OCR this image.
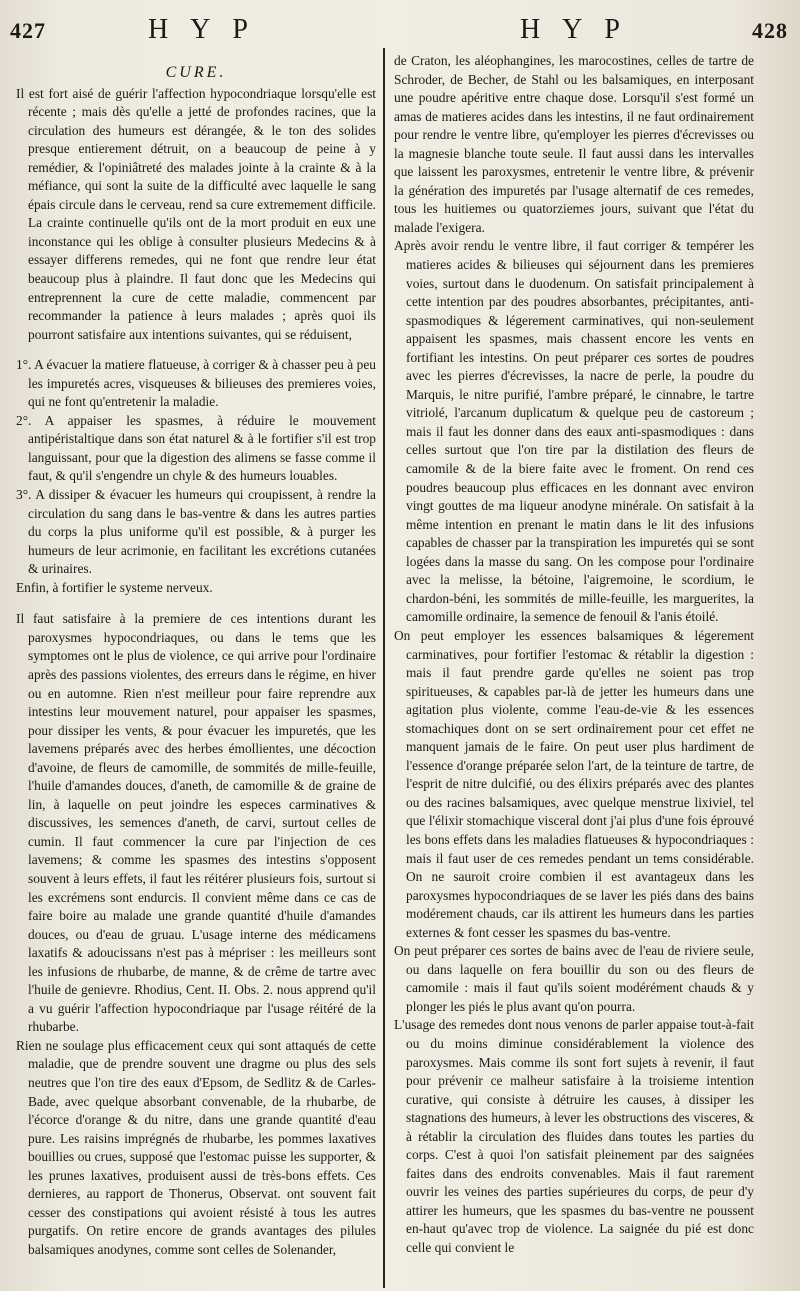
427	H Y P	H Y P	428
CURE.

Il est fort aisé de guérir l'affection hypocondriaque lorsqu'elle est récente ; mais dès qu'elle a jetté de profondes racines, que la circulation des humeurs est dérangée, & le ton des solides presque entierement détruit, on a beaucoup de peine à y remédier, & l'opiniâtreté des malades jointe à la crainte & à la méfiance, qui sont la suite de la difficulté avec laquelle le sang épais circule dans le cerveau, rend sa cure extremement difficile. La crainte continuelle qu'ils ont de la mort produit en eux une inconstance qui les oblige à consulter plusieurs Medecins & à essayer differens remedes, qui ne font que rendre leur état beaucoup plus à plaindre. Il faut donc que les Medecins qui entreprennent la cure de cette maladie, commencent par recommander la patience à leurs malades ; après quoi ils pourront satisfaire aux intentions suivantes, qui se réduisent,

1°. A évacuer la matiere flatueuse, à corriger & à chasser peu à peu les impuretés acres, visqueuses & bilieuses des premieres voies, qui ne font qu'entretenir la maladie.

2°. A appaiser les spasmes, à réduire le mouvement antipéristaltique dans son état naturel & à le fortifier s'il est trop languissant, pour que la digestion des alimens se fasse comme il faut, & qu'il s'engendre un chyle & des humeurs louables.

3°. A dissiper & évacuer les humeurs qui croupissent, à rendre la circulation du sang dans le bas-ventre & dans les autres parties du corps la plus uniforme qu'il est possible, & à purger les humeurs de leur acrimonie, en facilitant les excrétions cutanées & urinaires.

Enfin, à fortifier le systeme nerveux.

Il faut satisfaire à la premiere de ces intentions durant les paroxysmes hypocondriaques, ou dans le tems que les symptomes ont le plus de violence, ce qui arrive pour l'ordinaire après des passions violentes, des erreurs dans le régime, en hiver ou en automne. Rien n'est meilleur pour faire reprendre aux intestins leur mouvement naturel, pour appaiser les spasmes, pour dissiper les vents, & pour évacuer les impuretés, que les lavemens préparés avec des herbes émollientes, une décoction d'avoine, de fleurs de camomille, de sommités de mille-feuille, l'huile d'amandes douces, d'aneth, de camomille & de graine de lin, à laquelle on peut joindre les especes carminatives & discussives, les semences d'aneth, de carvi, surtout celles de cumin. Il faut commencer la cure par l'injection de ces lavemens; & comme les spasmes des intestins s'opposent souvent à leurs effets, il faut les réitérer plusieurs fois, surtout si les excrémens sont endurcis. Il convient même dans ce cas de faire boire au malade une grande quantité d'huile d'amandes douces, ou d'eau de gruau. L'usage interne des médicamens laxatifs & adoucissans n'est pas à mépriser : les meilleurs sont les infusions de rhubarbe, de manne, & de crême de tartre avec l'huile de genievre. Rhodius, Cent. II. Obs. 2. nous apprend qu'il a vu guérir l'affection hypocondriaque par l'usage réitéré de la rhubarbe.

Rien ne soulage plus efficacement ceux qui sont attaqués de cette maladie, que de prendre souvent une dragme ou plus des sels neutres que l'on tire des eaux d'Epsom, de Sedlitz & de Carles-Bade, avec quelque absorbant convenable, de la rhubarbe, de l'écorce d'orange & du nitre, dans une grande quantité d'eau pure. Les raisins imprégnés de rhubarbe, les pommes laxatives bouillies ou crues, supposé que l'estomac puisse les supporter, & les prunes laxatives, produisent aussi de très-bons effets. Ces dernieres, au rapport de Thonerus, Observat. ont souvent fait cesser des constipations qui avoient résisté à tous les autres purgatifs. On retire encore de grands avantages des pilules balsamiques anodynes, comme sont celles de Solenander,

de Craton, les aléophangines, les marocostines, celles de tartre de Schroder, de Becher, de Stahl ou les balsamiques, en interposant une poudre apéritive entre chaque dose. Lorsqu'il s'est formé un amas de matieres acides dans les intestins, il ne faut ordinairement pour rendre le ventre libre, qu'employer les pierres d'écrevisses ou la magnesie blanche toute seule. Il faut aussi dans les intervalles que laissent les paroxysmes, entretenir le ventre libre, & prévenir la génération des impuretés par l'usage alternatif de ces remedes, tous les huitiemes ou quatorziemes jours, suivant que l'état du malade l'exigera.

Après avoir rendu le ventre libre, il faut corriger & tempérer les matieres acides & bilieuses qui séjournent dans les premieres voies, surtout dans le duodenum. On satisfait principalement à cette intention par des poudres absorbantes, précipitantes, anti-spasmodiques & légerement carminatives, qui non-seulement appaisent les spasmes, mais chassent encore les vents en fortifiant les intestins. On peut préparer ces sortes de poudres avec les pierres d'écrevisses, la nacre de perle, la poudre du Marquis, le nitre purifié, l'ambre préparé, le cinnabre, le tartre vitriolé, l'arcanum duplicatum & quelque peu de castoreum ; mais il faut les donner dans des eaux anti-spasmodiques : dans celles surtout que l'on tire par la distilation des fleurs de camomile & de la biere faite avec le froment. On rend ces poudres beaucoup plus efficaces en les donnant avec environ vingt gouttes de ma liqueur anodyne minérale. On satisfait à la même intention en prenant le matin dans le lit des infusions capables de chasser par la transpiration les impuretés qui se sont logées dans la masse du sang. On les compose pour l'ordinaire avec la melisse, la bétoine, l'aigremoine, le scordium, le chardon-béni, les sommités de mille-feuille, les marguerites, la camomille ordinaire, la semence de fenouil & l'anis étoilé.

On peut employer les essences balsamiques & légerement carminatives, pour fortifier l'estomac & rétablir la digestion : mais il faut prendre garde qu'elles ne soient pas trop spiritueuses, & capables par-là de jetter les humeurs dans une agitation plus violente, comme l'eau-de-vie & les essences stomachiques dont on se sert ordinairement pour cet effet ne manquent jamais de le faire. On peut user plus hardiment de l'essence d'orange préparée selon l'art, de la teinture de tartre, de l'esprit de nitre dulcifié, ou des élixirs préparés avec des plantes ou des racines balsamiques, avec quelque menstrue lixiviel, tel que l'élixir stomachique visceral dont j'ai plus d'une fois éprouvé les bons effets dans les maladies flatueuses & hypocondriaques : mais il faut user de ces remedes pendant un tems considérable. On ne sauroit croire combien il est avantageux dans les paroxysmes hypocondriaques de se laver les piés dans des bains modérement chauds, car ils attirent les humeurs dans les parties externes & font cesser les spasmes du bas-ventre.

On peut préparer ces sortes de bains avec de l'eau de riviere seule, ou dans laquelle on fera bouillir du son ou des fleurs de camomile : mais il faut qu'ils soient modérément chauds & y plonger les piés le plus avant qu'on pourra.

L'usage des remedes dont nous venons de parler appaise tout-à-fait ou du moins diminue considérablement la violence des paroxysmes. Mais comme ils sont fort sujets à revenir, il faut pour prévenir ce malheur satisfaire à la troisieme intention curative, qui consiste à détruire les causes, à dissiper les stagnations des humeurs, à lever les obstructions des visceres, & à rétablir la circulation des fluides dans toutes les parties du corps. C'est à quoi l'on satisfait pleinement par des saignées faites dans des endroits convenables. Mais il faut rarement ouvrir les veines des parties supérieures du corps, de peur d'y attirer les humeurs, que les spasmes du bas-ventre ne poussent en-haut qu'avec trop de violence. La saignée du pié est donc celle qui convient le
